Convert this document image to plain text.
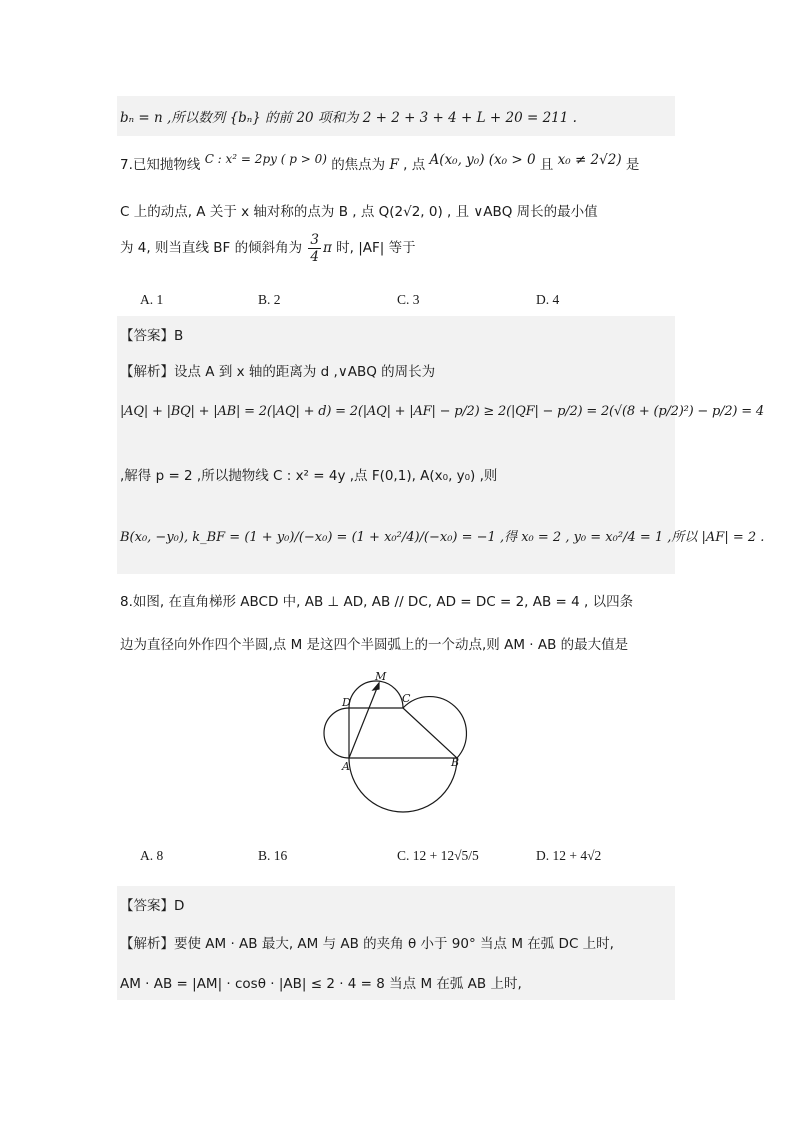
bₙ = n ,所以数列 {bₙ} 的前 20 项和为 2 + 2 + 3 + 4 + L + 20 = 211 .
7.已知抛物线 C : x² = 2py ( p > 0) 的焦点为 F , 点 A(x₀, y₀) (x₀ > 0 且 x₀ ≠ 2√2) 是
C 上的动点, A 关于 x 轴对称的点为 B , 点 Q(2√2, 0) , 且 ∨ABQ 周长的最小值
为 4, 则当直线 BF 的倾斜角为 $\frac{3}{4}$ π 时, |AF| 等于
A. 1	B. 2	C. 3	D. 4
【答案】B
【解析】设点 A 到 x 轴的距离为 d ,∨ABQ 的周长为
|AQ| + |BQ| + |AB| = 2(|AQ| + d) = 2(|AQ| + |AF| − p/2) ≥ 2(|QF| − p/2) = 2(√(8 + (p/2)²) − p/2) = 4
,解得 p = 2 ,所以抛物线 C : x² = 4y ,点 F(0,1), A(x₀, y₀) ,则
B(x₀, −y₀), k_BF = (1 + y₀)/(−x₀) = (1 + x₀²/4)/(−x₀) = −1 ,得 x₀ = 2 , y₀ = x₀²/4 = 1 ,所以 |AF| = 2 .
8.如图, 在直角梯形 ABCD 中, AB ⊥ AD, AB // DC, AD = DC = 2, AB = 4 , 以四条
边为直径向外作四个半圆,点 M 是这四个半圆弧上的一个动点,则 AM · AB 的最大值是
M
D	C
A	B
A. 8	B. 16	C. 12 + 12√5/5	D. 12 + 4√2
【答案】D
【解析】要使 AM · AB 最大, AM 与 AB 的夹角 θ 小于 90° 当点 M 在弧 DC 上时,
AM · AB = |AM| · cosθ · |AB| ≤ 2 · 4 = 8 当点 M 在弧 AB 上时,
